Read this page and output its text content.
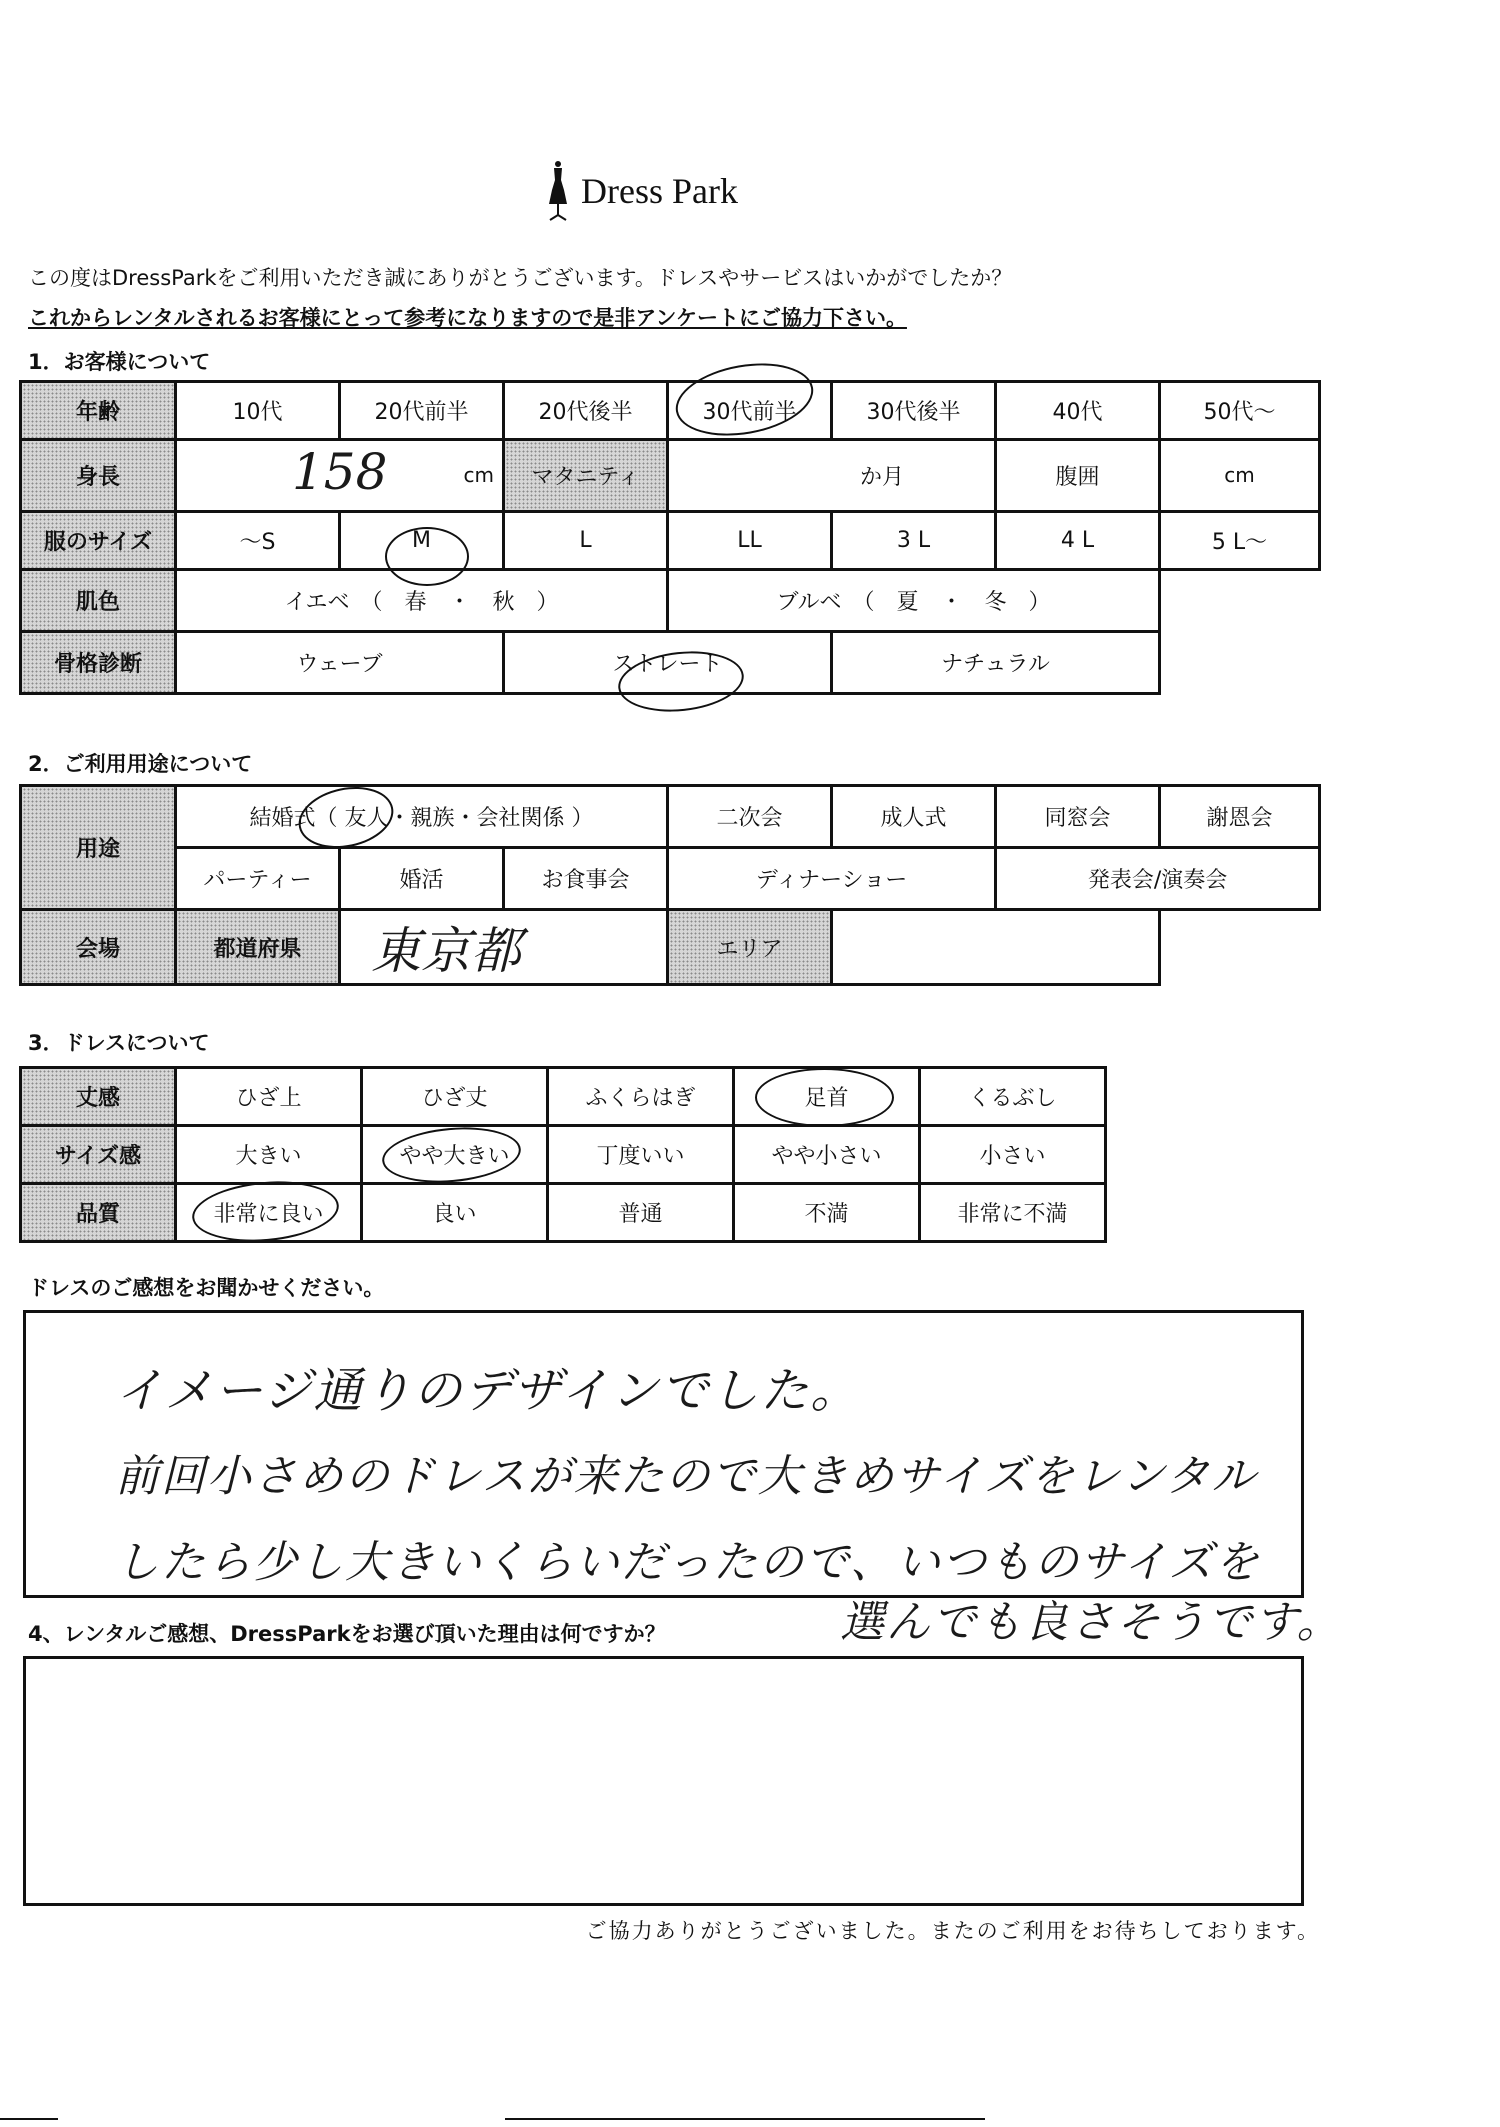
Dress Park
この度はDressParkをご利用いただき誠にありがとうございます。ドレスやサービスはいかがでしたか？
これからレンタルされるお客様にとって参考になりますので是非アンケートにご協力下さい。
1．お客様について
年齢	10代	20代前半	20代後半	30代前半	30代後半	40代	50代〜
身長	158 cm		マタニティ	か月		腹囲	cm
服のサイズ	〜S	M	L	LL	3 L	4 L	5 L〜
肌色	イエベ　（　春　・　秋　）			ブルベ　（　夏　・　冬　）			
骨格診断	ウェーブ		ストレート		ナチュラル		
2．ご利用用途について
用途	結婚式（ 友人・親族・会社関係 ）			二次会	成人式	同窓会	謝恩会
	パーティー	婚活	お食事会	ディナーショー		発表会/演奏会	
会場	都道府県	東京都		エリア			
3．ドレスについて
丈感	ひざ上	ひざ丈	ふくらはぎ	足首	くるぶし
サイズ感	大きい	やや大きい	丁度いい	やや小さい	小さい
品質	非常に良い	良い	普通	不満	非常に不満
ドレスのご感想をお聞かせください。
イメージ通りのデザインでした。
前回小さめのドレスが来たので大きめサイズをレンタル
したら少し大きいくらいだったので、いつものサイズを
選んでも良さそうです。
4、レンタルご感想、DressParkをお選び頂いた理由は何ですか？
ご協力ありがとうございました。またのご利用をお待ちしております。
